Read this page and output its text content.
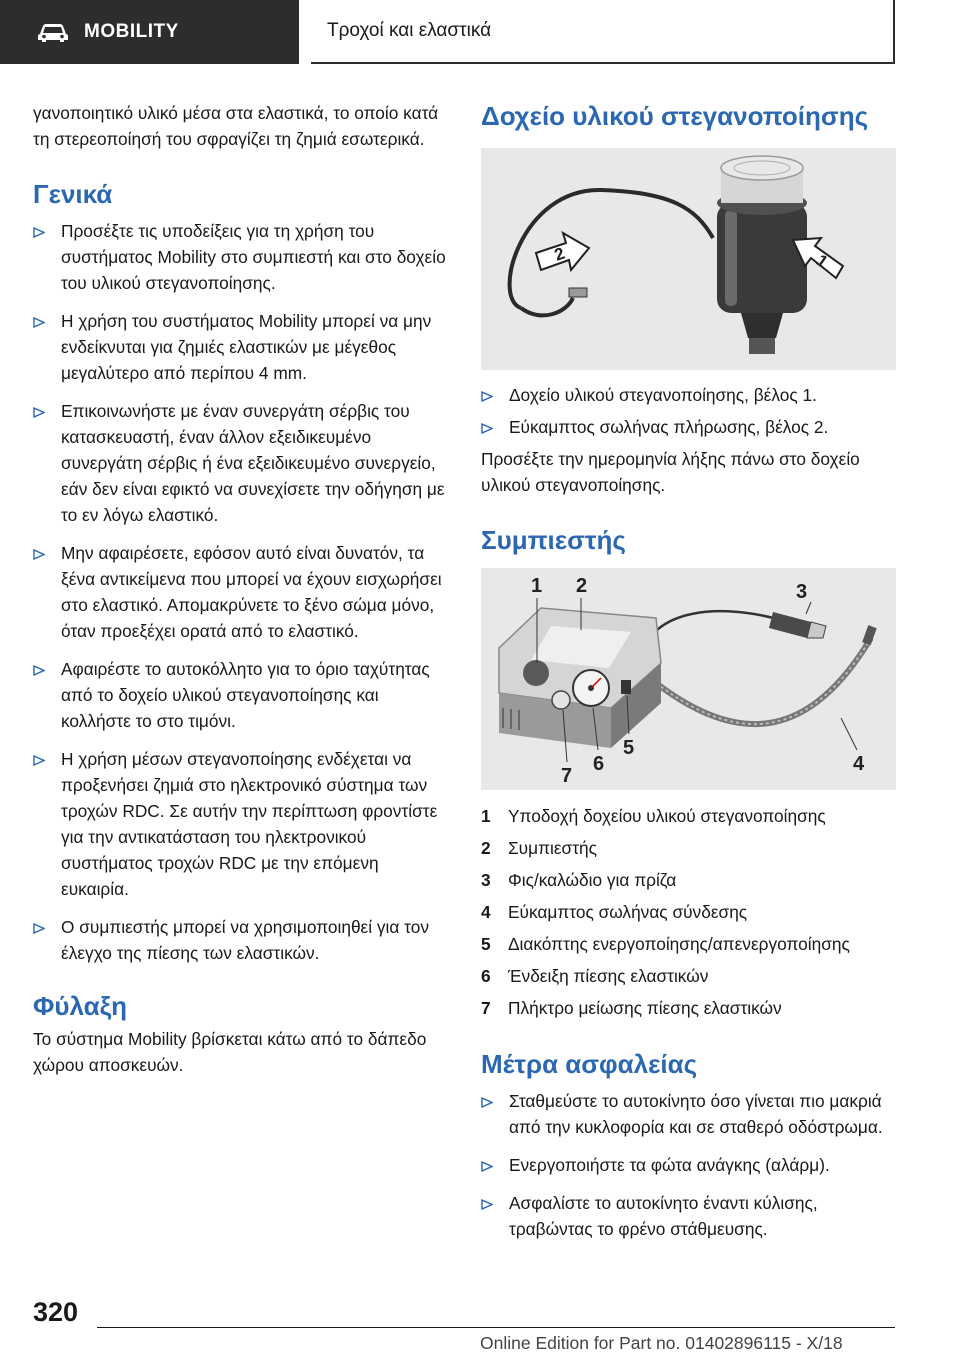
MOBILITY	Τροχοί και ελαστικά

γανοποιητικό υλικό μέσα στα ελαστικά, το οποίο κατά τη στερεοποίησή του σφραγίζει τη ζημιά εσωτερικά.

Γενικά
Προσέξτε τις υποδείξεις για τη χρήση του συστήματος Mobility στο συμπιεστή και στο δοχείο του υλικού στεγανοποίησης.
Η χρήση του συστήματος Mobility μπορεί να μην ενδείκνυται για ζημιές ελαστικών με μέγεθος μεγαλύτερο από περίπου 4 mm.
Επικοινωνήστε με έναν συνεργάτη σέρβις του κατασκευαστή, έναν άλλον εξειδικευμένο συνεργάτη σέρβις ή ένα εξειδικευμένο συνεργείο, εάν δεν είναι εφικτό να συνεχίσετε την οδήγηση με το εν λόγω ελαστικό.
Μην αφαιρέσετε, εφόσον αυτό είναι δυνατόν, τα ξένα αντικείμενα που μπορεί να έχουν εισχωρήσει στο ελαστικό. Απομακρύνετε το ξένο σώμα μόνο, όταν προεξέχει ορατά από το ελαστικό.
Αφαιρέστε το αυτοκόλλητο για το όριο ταχύτητας από το δοχείο υλικού στεγανοποίησης και κολλήστε το στο τιμόνι.
Η χρήση μέσων στεγανοποίησης ενδέχεται να προξενήσει ζημιά στο ηλεκτρονικό σύστημα των τροχών RDC. Σε αυτήν την περίπτωση φροντίστε για την αντικατάσταση του ηλεκτρονικού συστήματος τροχών RDC με την επόμενη ευκαιρία.
Ο συμπιεστής μπορεί να χρησιμοποιηθεί για τον έλεγχο της πίεσης των ελαστικών.
Φύλαξη

Το σύστημα Mobility βρίσκεται κάτω από το δάπεδο χώρου αποσκευών.

Δοχείο υλικού στεγανοποίησης
2	1
Δοχείο υλικού στεγανοποίησης, βέλος 1.
Εύκαμπτος σωλήνας πλήρωσης, βέλος 2.

Προσέξτε την ημερομηνία λήξης πάνω στο δοχείο υλικού στεγανοποίησης.

Συμπιεστής
1 2	3
4
5
6
7
1	Υποδοχή δοχείου υλικού στεγανοποίησης
2	Συμπιεστής
3	Φις/καλώδιο για πρίζα
4	Εύκαμπτος σωλήνας σύνδεσης
5	Διακόπτης ενεργοποίησης/απενεργοποίησης
6	Ένδειξη πίεσης ελαστικών
7	Πλήκτρο μείωσης πίεσης ελαστικών
Μέτρα ασφαλείας
Σταθμεύστε το αυτοκίνητο όσο γίνεται πιο μακριά από την κυκλοφορία και σε σταθερό οδόστρωμα.
Ενεργοποιήστε τα φώτα ανάγκης (αλάρμ).
Ασφαλίστε το αυτοκίνητο έναντι κύλισης, τραβώντας το φρένο στάθμευσης.
320
Online Edition for Part no. 01402896115 - X/18
